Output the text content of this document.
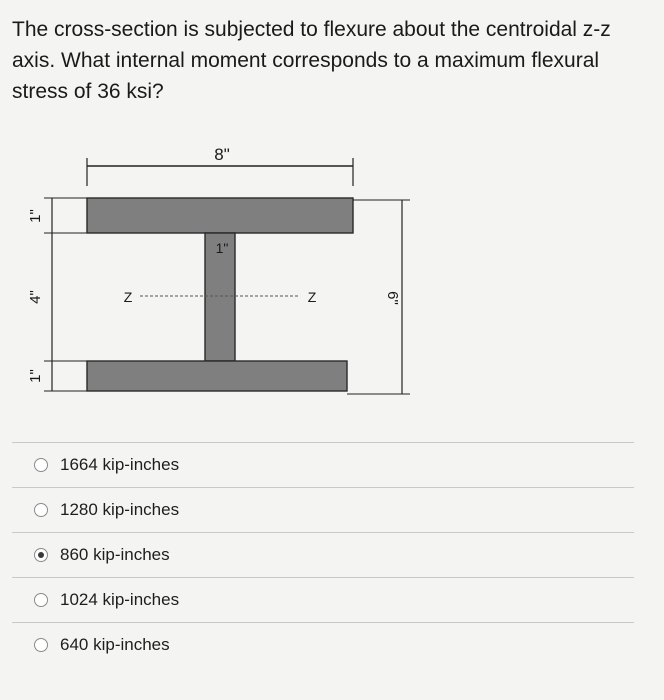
The cross-section is subjected to flexure about the centroidal z-z axis. What internal moment corresponds to a maximum flexural stress of 36 ksi?
8"
1"
Z	Z
1"
4"
1"
6"
1664 kip-inches
1280 kip-inches
860 kip-inches
1024 kip-inches
640 kip-inches
